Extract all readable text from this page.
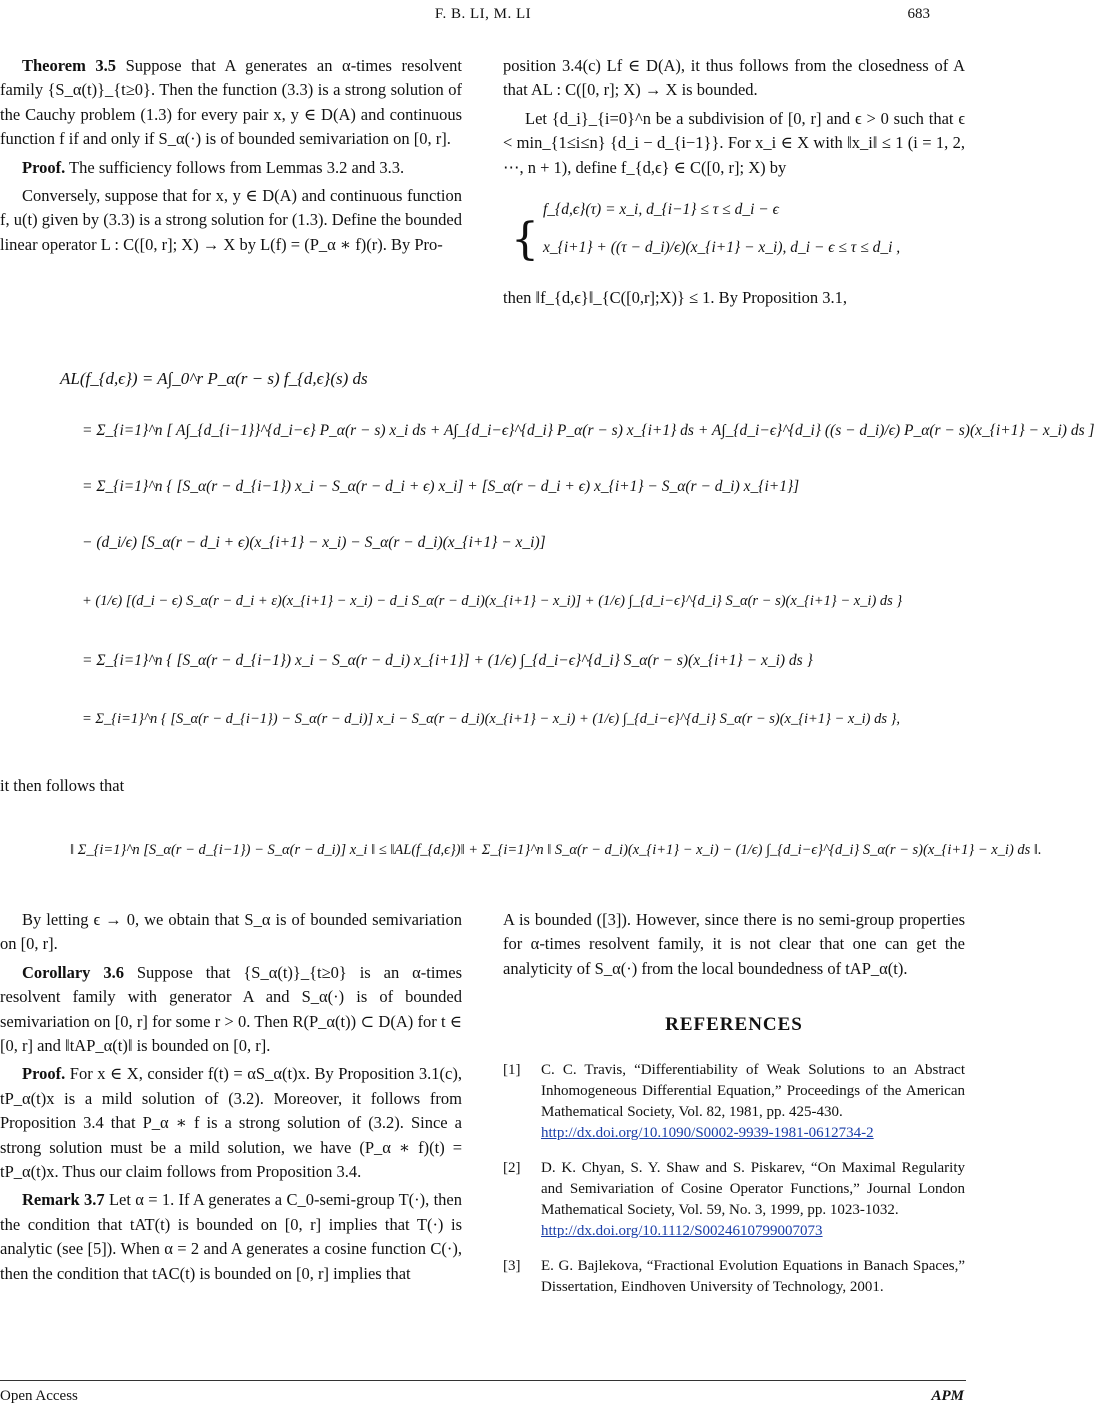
F. B. LI, M. LI	683

Theorem 3.5 Suppose that A generates an α-times resolvent family {S_α(t)}_{t≥0}. Then the function (3.3) is a strong solution of the Cauchy problem (1.3) for every pair x, y ∈ D(A) and continuous function f if and only if S_α(·) is of bounded semivariation on [0, r].

Proof. The sufficiency follows from Lemmas 3.2 and 3.3.

Conversely, suppose that for x, y ∈ D(A) and continuous function f, u(t) given by (3.3) is a strong solution for (1.3). Define the bounded linear operator L : C([0, r]; X) → X by L(f) = (P_α ∗ f)(r). By Pro-

position 3.4(c) Lf ∈ D(A), it thus follows from the closedness of A that AL : C([0, r]; X) → X is bounded.

Let {d_i}_{i=0}^n be a subdivision of [0, r] and ϵ > 0 such that ϵ < min_{1≤i≤n} {d_i − d_{i−1}}. For x_i ∈ X with ‖x_i‖ ≤ 1 (i = 1, 2, ⋯, n + 1), define f_{d,ϵ} ∈ C([0, r]; X) by

{
f_{d,ϵ}(τ) = x_i, d_{i−1} ≤ τ ≤ d_i − ϵ
x_{i+1} + ((τ − d_i)/ϵ)(x_{i+1} − x_i), d_i − ϵ ≤ τ ≤ d_i ,

then ‖f_{d,ϵ}‖_{C([0,r];X)} ≤ 1. By Proposition 3.1,

AL(f_{d,ϵ}) = A∫_0^r P_α(r − s) f_{d,ϵ}(s) ds
= Σ_{i=1}^n [ A∫_{d_{i−1}}^{d_i−ϵ} P_α(r − s) x_i ds + A∫_{d_i−ϵ}^{d_i} P_α(r − s) x_{i+1} ds + A∫_{d_i−ϵ}^{d_i} ((s − d_i)/ϵ) P_α(r − s)(x_{i+1} − x_i) ds ]
= Σ_{i=1}^n { [S_α(r − d_{i−1}) x_i − S_α(r − d_i + ϵ) x_i] + [S_α(r − d_i + ϵ) x_{i+1} − S_α(r − d_i) x_{i+1}]
− (d_i/ϵ) [S_α(r − d_i + ϵ)(x_{i+1} − x_i) − S_α(r − d_i)(x_{i+1} − x_i)]
+ (1/ϵ) [(d_i − ϵ) S_α(r − d_i + ε)(x_{i+1} − x_i) − d_i S_α(r − d_i)(x_{i+1} − x_i)] + (1/ϵ) ∫_{d_i−ϵ}^{d_i} S_α(r − s)(x_{i+1} − x_i) ds }
= Σ_{i=1}^n { [S_α(r − d_{i−1}) x_i − S_α(r − d_i) x_{i+1}] + (1/ϵ) ∫_{d_i−ϵ}^{d_i} S_α(r − s)(x_{i+1} − x_i) ds }
= Σ_{i=1}^n { [S_α(r − d_{i−1}) − S_α(r − d_i)] x_i − S_α(r − d_i)(x_{i+1} − x_i) + (1/ϵ) ∫_{d_i−ϵ}^{d_i} S_α(r − s)(x_{i+1} − x_i) ds },
it then follows that
‖ Σ_{i=1}^n [S_α(r − d_{i−1}) − S_α(r − d_i)] x_i ‖ ≤ ‖AL(f_{d,ϵ})‖ + Σ_{i=1}^n ‖ S_α(r − d_i)(x_{i+1} − x_i) − (1/ϵ) ∫_{d_i−ϵ}^{d_i} S_α(r − s)(x_{i+1} − x_i) ds ‖.

By letting ϵ → 0, we obtain that S_α is of bounded semivariation on [0, r].

Corollary 3.6 Suppose that {S_α(t)}_{t≥0} is an α-times resolvent family with generator A and S_α(·) is of bounded semivariation on [0, r] for some r > 0. Then R(P_α(t)) ⊂ D(A) for t ∈ [0, r] and ‖tAP_α(t)‖ is bounded on [0, r].

Proof. For x ∈ X, consider f(t) = αS_α(t)x. By Proposition 3.1(c), tP_α(t)x is a mild solution of (3.2). Moreover, it follows from Proposition 3.4 that P_α ∗ f is a strong solution of (3.2). Since a strong solution must be a mild solution, we have (P_α ∗ f)(t) = tP_α(t)x. Thus our claim follows from Proposition 3.4.

Remark 3.7 Let α = 1. If A generates a C_0-semi-group T(·), then the condition that tAT(t) is bounded on [0, r] implies that T(·) is analytic (see [5]). When α = 2 and A generates a cosine function C(·), then the condition that tAC(t) is bounded on [0, r] implies that

A is bounded ([3]). However, since there is no semi-group properties for α-times resolvent family, it is not clear that one can get the analyticity of S_α(·) from the local boundedness of tAP_α(t).

REFERENCES
[1] C. C. Travis, “Differentiability of Weak Solutions to an Abstract Inhomogeneous Differential Equation,” Proceedings of the American Mathematical Society, Vol. 82, 1981, pp. 425-430.
http://dx.doi.org/10.1090/S0002-9939-1981-0612734-2
[2] D. K. Chyan, S. Y. Shaw and S. Piskarev, “On Maximal Regularity and Semivariation of Cosine Operator Functions,” Journal London Mathematical Society, Vol. 59, No. 3, 1999, pp. 1023-1032.
http://dx.doi.org/10.1112/S0024610799007073
[3] E. G. Bajlekova, “Fractional Evolution Equations in Banach Spaces,” Dissertation, Eindhoven University of Technology, 2001.
Open Access	APM
